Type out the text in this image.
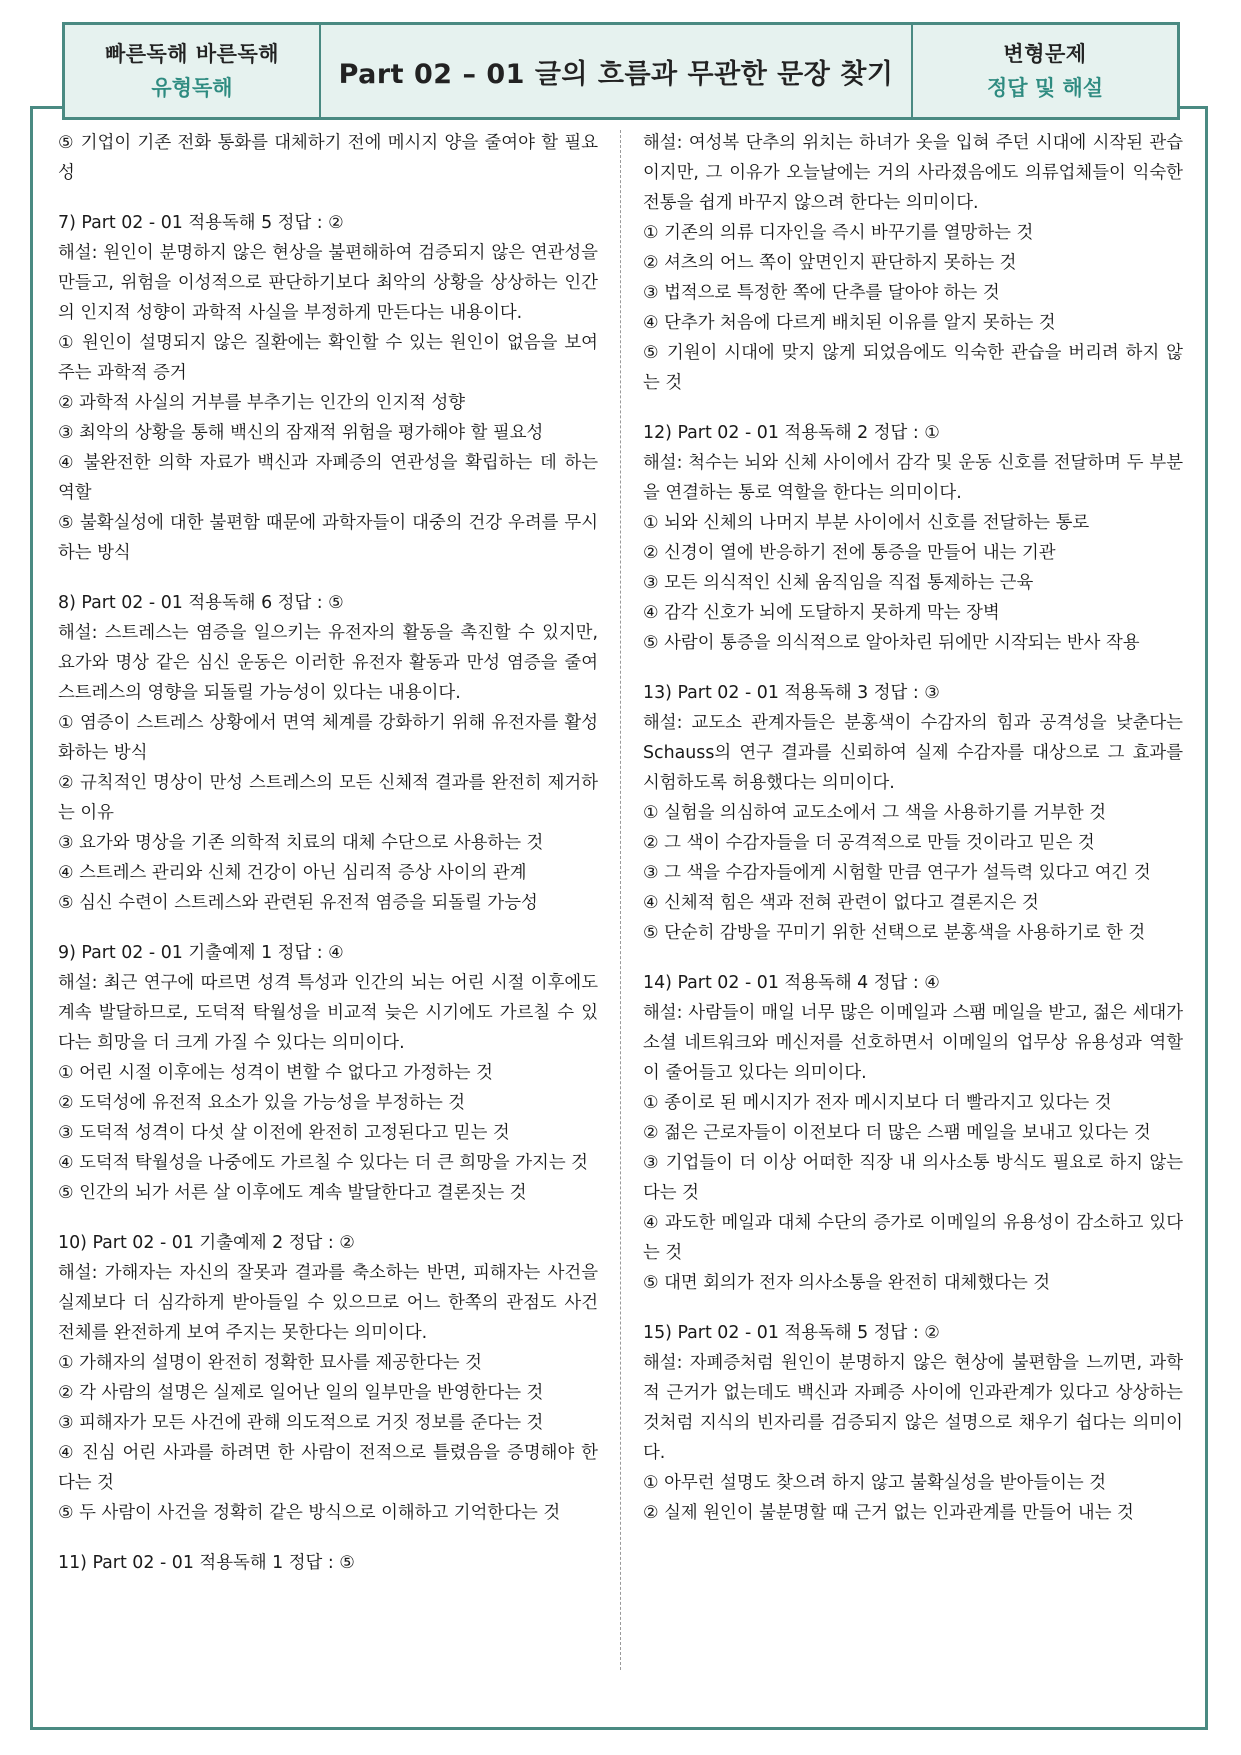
빠른독해 바른독해
유형독해	Part 02 – 01 글의 흐름과 무관한 문장 찾기
변형문제
정답 및 해설

⑤ 기업이 기존 전화 통화를 대체하기 전에 메시지 양을 줄여야 할 필요성

7) Part 02 - 01 적용독해 5 정답 : ②

해설: 원인이 분명하지 않은 현상을 불편해하여 검증되지 않은 연관성을 만들고, 위험을 이성적으로 판단하기보다 최악의 상황을 상상하는 인간의 인지적 성향이 과학적 사실을 부정하게 만든다는 내용이다.

① 원인이 설명되지 않은 질환에는 확인할 수 있는 원인이 없음을 보여 주는 과학적 증거

② 과학적 사실의 거부를 부추기는 인간의 인지적 성향

③ 최악의 상황을 통해 백신의 잠재적 위험을 평가해야 할 필요성

④ 불완전한 의학 자료가 백신과 자폐증의 연관성을 확립하는 데 하는 역할

⑤ 불확실성에 대한 불편함 때문에 과학자들이 대중의 건강 우려를 무시하는 방식

8) Part 02 - 01 적용독해 6 정답 : ⑤

해설: 스트레스는 염증을 일으키는 유전자의 활동을 촉진할 수 있지만, 요가와 명상 같은 심신 운동은 이러한 유전자 활동과 만성 염증을 줄여 스트레스의 영향을 되돌릴 가능성이 있다는 내용이다.

① 염증이 스트레스 상황에서 면역 체계를 강화하기 위해 유전자를 활성화하는 방식

② 규칙적인 명상이 만성 스트레스의 모든 신체적 결과를 완전히 제거하는 이유

③ 요가와 명상을 기존 의학적 치료의 대체 수단으로 사용하는 것

④ 스트레스 관리와 신체 건강이 아닌 심리적 증상 사이의 관계

⑤ 심신 수련이 스트레스와 관련된 유전적 염증을 되돌릴 가능성

9) Part 02 - 01 기출예제 1 정답 : ④

해설: 최근 연구에 따르면 성격 특성과 인간의 뇌는 어린 시절 이후에도 계속 발달하므로, 도덕적 탁월성을 비교적 늦은 시기에도 가르칠 수 있다는 희망을 더 크게 가질 수 있다는 의미이다.

① 어린 시절 이후에는 성격이 변할 수 없다고 가정하는 것

② 도덕성에 유전적 요소가 있을 가능성을 부정하는 것

③ 도덕적 성격이 다섯 살 이전에 완전히 고정된다고 믿는 것

④ 도덕적 탁월성을 나중에도 가르칠 수 있다는 더 큰 희망을 가지는 것

⑤ 인간의 뇌가 서른 살 이후에도 계속 발달한다고 결론짓는 것

10) Part 02 - 01 기출예제 2 정답 : ②

해설: 가해자는 자신의 잘못과 결과를 축소하는 반면, 피해자는 사건을 실제보다 더 심각하게 받아들일 수 있으므로 어느 한쪽의 관점도 사건 전체를 완전하게 보여 주지는 못한다는 의미이다.

① 가해자의 설명이 완전히 정확한 묘사를 제공한다는 것

② 각 사람의 설명은 실제로 일어난 일의 일부만을 반영한다는 것

③ 피해자가 모든 사건에 관해 의도적으로 거짓 정보를 준다는 것

④ 진심 어린 사과를 하려면 한 사람이 전적으로 틀렸음을 증명해야 한다는 것

⑤ 두 사람이 사건을 정확히 같은 방식으로 이해하고 기억한다는 것

11) Part 02 - 01 적용독해 1 정답 : ⑤

해설: 여성복 단추의 위치는 하녀가 옷을 입혀 주던 시대에 시작된 관습이지만, 그 이유가 오늘날에는 거의 사라졌음에도 의류업체들이 익숙한 전통을 쉽게 바꾸지 않으려 한다는 의미이다.

① 기존의 의류 디자인을 즉시 바꾸기를 열망하는 것

② 셔츠의 어느 쪽이 앞면인지 판단하지 못하는 것

③ 법적으로 특정한 쪽에 단추를 달아야 하는 것

④ 단추가 처음에 다르게 배치된 이유를 알지 못하는 것

⑤ 기원이 시대에 맞지 않게 되었음에도 익숙한 관습을 버리려 하지 않는 것

12) Part 02 - 01 적용독해 2 정답 : ①

해설: 척수는 뇌와 신체 사이에서 감각 및 운동 신호를 전달하며 두 부분을 연결하는 통로 역할을 한다는 의미이다.

① 뇌와 신체의 나머지 부분 사이에서 신호를 전달하는 통로

② 신경이 열에 반응하기 전에 통증을 만들어 내는 기관

③ 모든 의식적인 신체 움직임을 직접 통제하는 근육

④ 감각 신호가 뇌에 도달하지 못하게 막는 장벽

⑤ 사람이 통증을 의식적으로 알아차린 뒤에만 시작되는 반사 작용

13) Part 02 - 01 적용독해 3 정답 : ③

해설: 교도소 관계자들은 분홍색이 수감자의 힘과 공격성을 낮춘다는 Schauss의 연구 결과를 신뢰하여 실제 수감자를 대상으로 그 효과를 시험하도록 허용했다는 의미이다.

① 실험을 의심하여 교도소에서 그 색을 사용하기를 거부한 것

② 그 색이 수감자들을 더 공격적으로 만들 것이라고 믿은 것

③ 그 색을 수감자들에게 시험할 만큼 연구가 설득력 있다고 여긴 것

④ 신체적 힘은 색과 전혀 관련이 없다고 결론지은 것

⑤ 단순히 감방을 꾸미기 위한 선택으로 분홍색을 사용하기로 한 것

14) Part 02 - 01 적용독해 4 정답 : ④

해설: 사람들이 매일 너무 많은 이메일과 스팸 메일을 받고, 젊은 세대가 소셜 네트워크와 메신저를 선호하면서 이메일의 업무상 유용성과 역할이 줄어들고 있다는 의미이다.

① 종이로 된 메시지가 전자 메시지보다 더 빨라지고 있다는 것

② 젊은 근로자들이 이전보다 더 많은 스팸 메일을 보내고 있다는 것

③ 기업들이 더 이상 어떠한 직장 내 의사소통 방식도 필요로 하지 않는다는 것

④ 과도한 메일과 대체 수단의 증가로 이메일의 유용성이 감소하고 있다는 것

⑤ 대면 회의가 전자 의사소통을 완전히 대체했다는 것

15) Part 02 - 01 적용독해 5 정답 : ②

해설: 자폐증처럼 원인이 분명하지 않은 현상에 불편함을 느끼면, 과학적 근거가 없는데도 백신과 자폐증 사이에 인과관계가 있다고 상상하는 것처럼 지식의 빈자리를 검증되지 않은 설명으로 채우기 쉽다는 의미이다.

① 아무런 설명도 찾으려 하지 않고 불확실성을 받아들이는 것

② 실제 원인이 불분명할 때 근거 없는 인과관계를 만들어 내는 것
